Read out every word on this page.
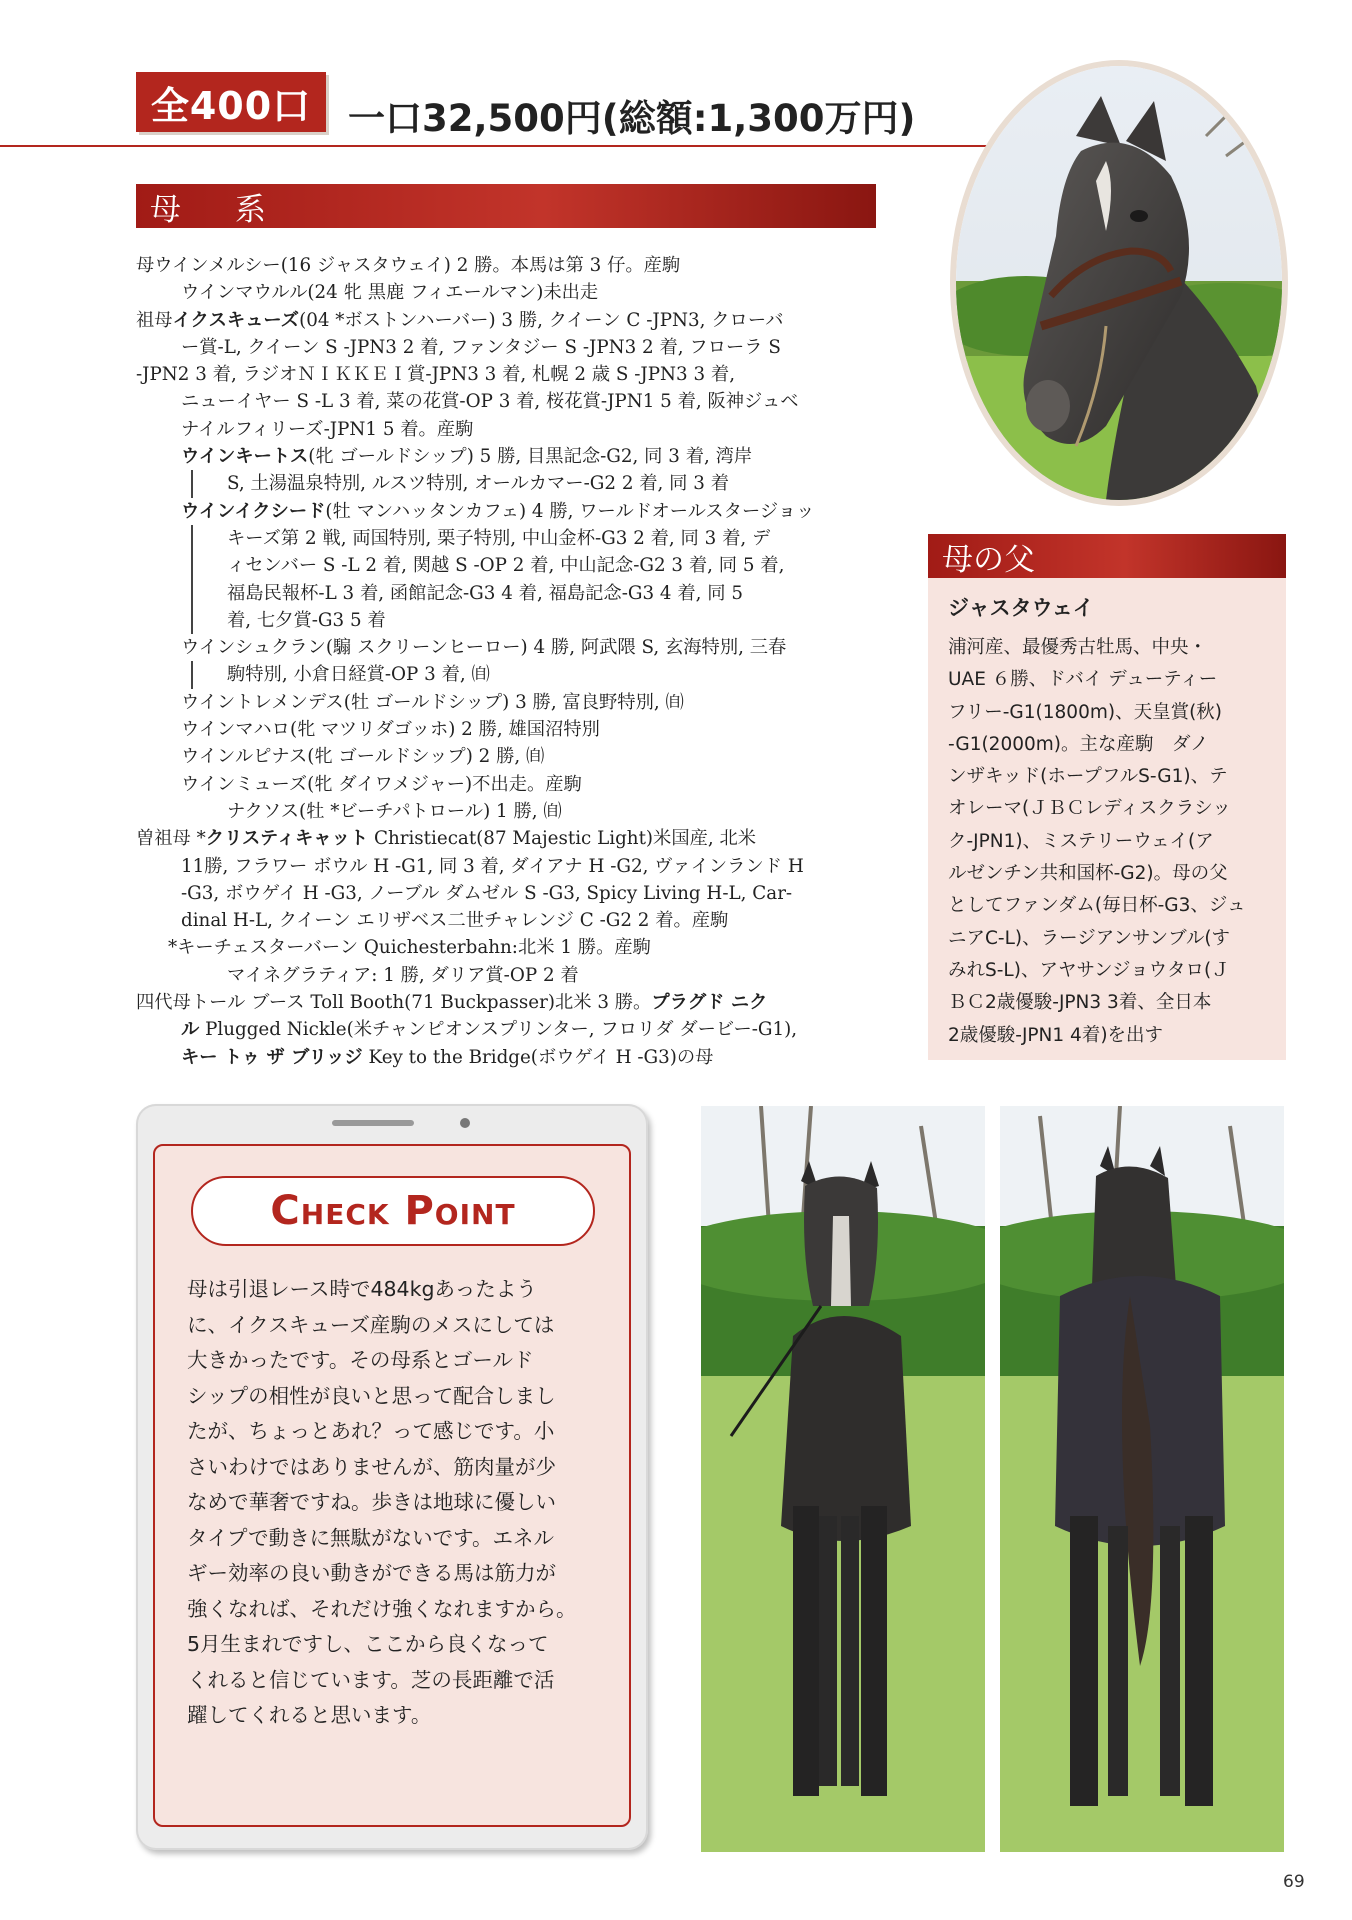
全400口 一口32,500円(総額:1,300万円)
母 系
母ウインメルシー(16 ジャスタウェイ) 2 勝。本馬は第 3 仔。産駒
ウインマウルル(24 牝 黒鹿 フィエールマン)未出走
祖母イクスキューズ(04 *ボストンハーバー) 3 勝, クイーン C -JPN3, クローバ
ー賞-L, クイーン S -JPN3 2 着, ファンタジー S -JPN3 2 着, フローラ S
-JPN2 3 着, ラジオＮＩＫＫＥＩ賞-JPN3 3 着, 札幌 2 歳 S -JPN3 3 着,
ニューイヤー S -L 3 着, 菜の花賞-OP 3 着, 桜花賞-JPN1 5 着, 阪神ジュベ
ナイルフィリーズ-JPN1 5 着。産駒
ウインキートス(牝 ゴールドシップ) 5 勝, 目黒記念-G2, 同 3 着, 湾岸
S, 土湯温泉特別, ルスツ特別, オールカマー-G2 2 着, 同 3 着
ウインイクシード(牡 マンハッタンカフェ) 4 勝, ワールドオールスタージョッ
キーズ第 2 戦, 両国特別, 栗子特別, 中山金杯-G3 2 着, 同 3 着, デ
ィセンバー S -L 2 着, 関越 S -OP 2 着, 中山記念-G2 3 着, 同 5 着,
福島民報杯-L 3 着, 函館記念-G3 4 着, 福島記念-G3 4 着, 同 5
着, 七夕賞-G3 5 着
ウインシュクラン(騸 スクリーンヒーロー) 4 勝, 阿武隈 S, 玄海特別, 三春
駒特別, 小倉日経賞-OP 3 着, ㉂
ウイントレメンデス(牡 ゴールドシップ) 3 勝, 富良野特別, ㉂
ウインマハロ(牝 マツリダゴッホ) 2 勝, 雄国沼特別
ウインルピナス(牝 ゴールドシップ) 2 勝, ㉂
ウインミューズ(牝 ダイワメジャー)不出走。産駒
ナクソス(牡 *ビーチパトロール) 1 勝, ㉂
曽祖母 *クリスティキャット Christiecat(87 Majestic Light)米国産, 北米
11勝, フラワー ボウル H -G1, 同 3 着, ダイアナ H -G2, ヴァインランド H
-G3, ボウゲイ H -G3, ノーブル ダムゼル S -G3, Spicy Living H-L, Car-
dinal H-L, クイーン エリザベス二世チャレンジ C -G2 2 着。産駒
*キーチェスターバーン Quichesterbahn:北米 1 勝。産駒
マイネグラティア: 1 勝, ダリア賞-OP 2 着
四代母トール ブース Toll Booth(71 Buckpasser)北米 3 勝。プラグド ニク
ル Plugged Nickle(米チャンピオンスプリンター, フロリダ ダービー-G1),
キー トゥ ザ ブリッジ Key to the Bridge(ボウゲイ H -G3)の母
母の父
ジャスタウェイ
浦河産、最優秀古牡馬、中央・
UAE ６勝、ドバイ デューティー
フリー-G1(1800m)、天皇賞(秋)
-G1(2000m)。主な産駒　ダノ
ンザキッド(ホープフルS-G1)、テ
オレーマ(ＪＢＣレディスクラシッ
ク-JPN1)、ミステリーウェイ(ア
ルゼンチン共和国杯-G2)。母の父
としてファンダム(毎日杯-G3、ジュ
ニアC-L)、ラージアンサンブル(す
みれS-L)、アヤサンジョウタロ(Ｊ
ＢＣ2歳優駿-JPN3 3着、全日本
2歳優駿-JPN1 4着)を出す
Check Point
母は引退レース時で484kgあったよう
に、イクスキューズ産駒のメスにしては
大きかったです。その母系とゴールド
シップの相性が良いと思って配合しまし
たが、ちょっとあれ？って感じです。小
さいわけではありませんが、筋肉量が少
なめで華奢ですね。歩きは地球に優しい
タイプで動きに無駄がないです。エネル
ギー効率の良い動きができる馬は筋力が
強くなれば、それだけ強くなれますから。
5月生まれですし、ここから良くなって
くれると信じています。芝の長距離で活
躍してくれると思います。
69
